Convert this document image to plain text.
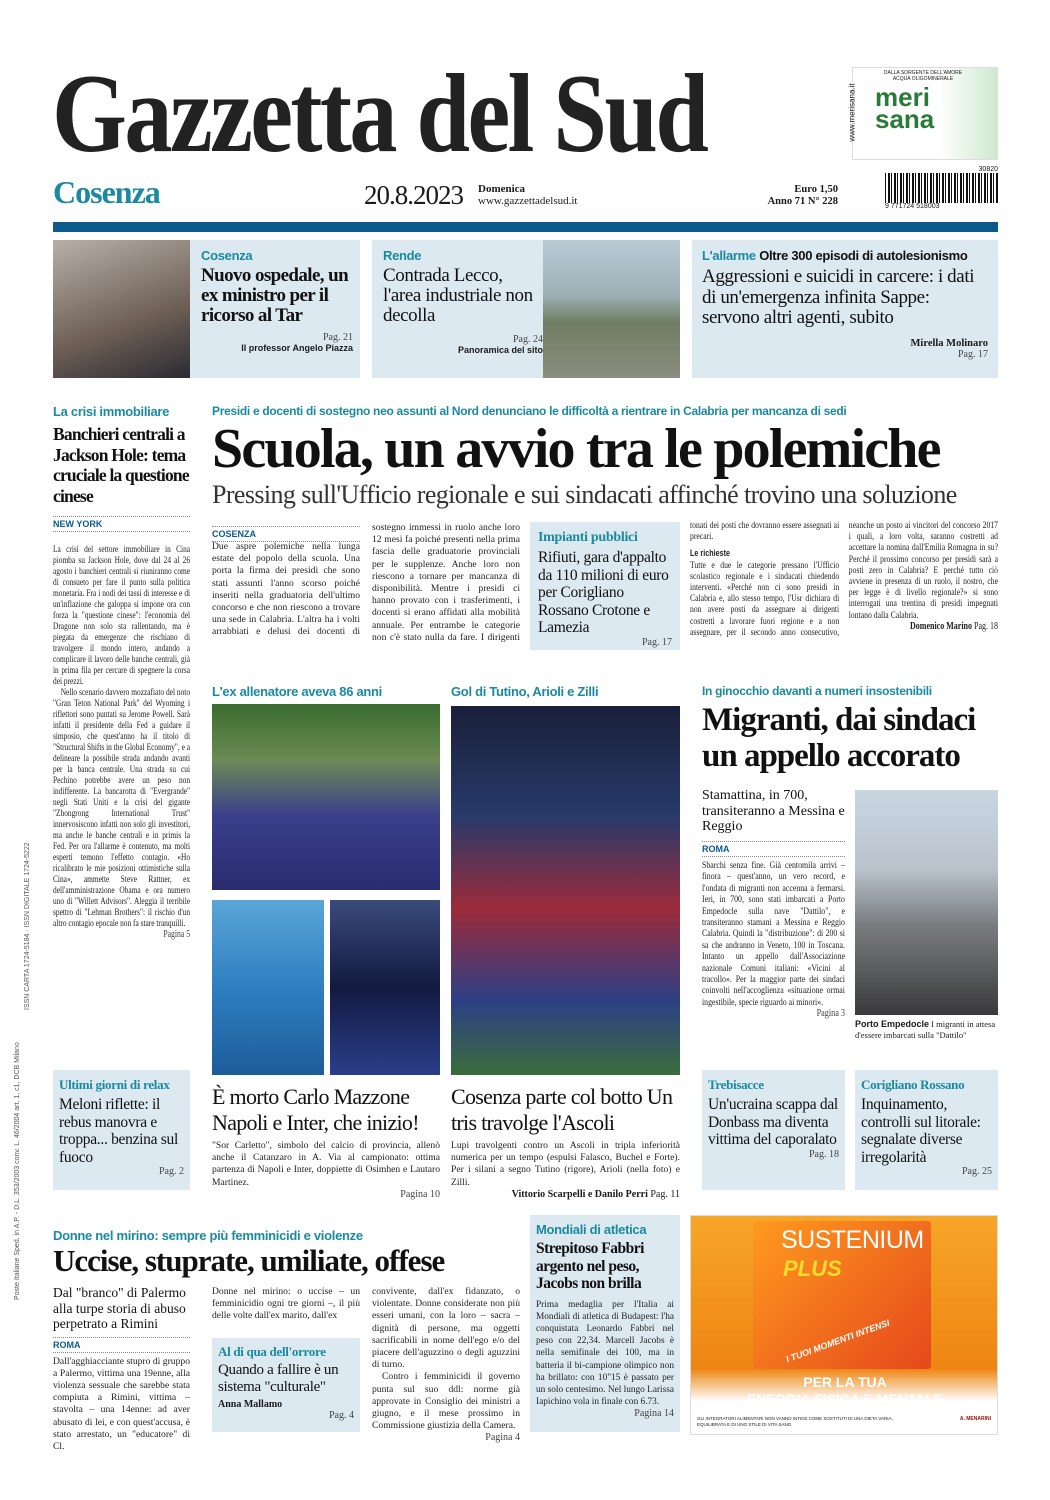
Poste Italiane Sped. in A.P. - D.L. 353/2003 conv. L. 46/2004 art. 1, c1, DCB Milano
ISSN CARTA 1724-5184 · ISSN DIGITALE 1724-5222
Gazzetta del Sud	DALLA SORGENTE DELL'AMORE ACQUA OLIGOMINERALE
merisana
www.merisana.it
Cosenza	20.8.2023 Domenica
www.gazzettadelsud.it
Euro 1,50
Anno 71 N° 228
30820
9 771724 518003
Cosenza
Nuovo ospedale, un ex ministro per il ricorso al Tar
Pag. 21
Il professor Angelo Piazza
Rende
Contrada Lecco, l'area industriale non decolla
Pag. 24
Panoramica del sito
L'allarme Oltre 300 episodi di autolesionismo
Aggressioni e suicidi in carcere: i dati di un'emergenza infinita Sappe: servono altri agenti, subito
Mirella Molinaro
Pag. 17
La crisi immobiliare
Banchieri centrali a Jackson Hole: tema cruciale la questione cinese
NEW YORK

La crisi del settore immobiliare in Cina piomba su Jackson Hole, dove dal 24 al 26 agosto i banchieri centrali si riuniranno come di consueto per fare il punto sulla politica monetaria. Fra i nodi dei tassi di interesse e di un'inflazione che galoppa si impone ora con forza la "questione cinese": l'economia del Dragone non solo sta rallentando, ma è piegata da emergenze che rischiano di travolgere il mondo intero, andando a complicare il lavoro delle banche centrali, già in prima fila per cercare di spegnere la corsa dei prezzi.

Nello scenario davvero mozzafiato del noto "Gran Teton National Park" del Wyoming i riflettori sono puntati su Jerome Powell. Sarà infatti il presidente della Fed a guidare il simposio, che quest'anno ha il titolo di "Structural Shifts in the Global Economy", e a delineare la possibile strada andando avanti per la banca centrale. Una strada su cui Pechino potrebbe avere un peso non indifferente. La bancarotta di "Evergrande" negli Stati Uniti e la crisi del gigante "Zhongrong International Trust" innervosiscono infatti non solo gli investitori, ma anche le banche centrali e in primis la Fed. Per ora l'allarme è contenuto, ma molti esperti temono l'effetto contagio. «Ho ricalibrato le mie posizioni ottimistiche sulla Cina», ammette Steve Rattner, ex dell'amministrazione Obama e ora numero uno di "Willett Advisors". Aleggia il terribile spettro di "Lehman Brothers": il rischio d'un altro contagio epocale non fa stare tranquilli.

Pagina 5
Presidi e docenti di sostegno neo assunti al Nord denunciano le difficoltà a rientrare in Calabria per mancanza di sedi
Scuola, un avvio tra le polemiche
Pressing sull'Ufficio regionale e sui sindacati affinché trovino una soluzione
COSENZA
Due aspre polemiche nella lunga estate del popolo della scuola. Una porta la firma dei presidi che sono stati assunti l'anno scorso poiché inseriti nella graduatoria dell'ultimo concorso e che non riescono a trovare una sede in Calabria. L'altra ha i volti arrabbiati e delusi dei docenti di sostegno immessi in ruolo anche loro 12 mesi fa poiché presenti nella prima fascia delle graduatorie provinciali per le supplenze. Anche loro non riescono a tornare per mancanza di disponibilità. Mentre i presidi ci hanno provato con i trasferimenti, i docenti si erano affidati alla mobilità annuale. Per entrambe le categorie non c'è stato nulla da fare. I dirigenti
Impianti pubblici
Rifiuti, gara d'appalto da 110 milioni di euro per Corigliano Rossano Crotone e Lamezia
Pag. 17

tonati dei posti che dovranno essere assegnati ai precari.

Le richieste

Tutte e due le categorie pressano l'Ufficio scolastico regionale e i sindacati chiedendo interventi. «Perché non ci sono presidi in Calabria e, allo stesso tempo, l'Usr dichiara di non avere posti da assegnare ai dirigenti costretti a lavorare fuori regione e a non assegnare, per il secondo anno consecutivo, neanche un posto ai vincitori del concorso 2017 i quali, a loro volta, saranno costretti ad accettare la nomina dall'Emilia Romagna in su? Perché il prossimo concorso per presidi sarà a posti zero in Calabria? E perché tutto ciò avviene in presenza di un ruolo, il nostro, che per legge è di livello regionale?» si sono interrogati una trentina di presidi impegnati lontano dalla Calabria.

Domenico Marino Pag. 18
L'ex allenatore aveva 86 anni	Gol di Tutino, Arioli e Zilli
È morto Carlo Mazzone Napoli e Inter, che inizio!
"Sor Carletto", simbolo del calcio di provincia, allenò anche il Catanzaro in A. Via al campionato: ottima partenza di Napoli e Inter, doppiette di Osimhen e Lautaro Martinez.
Pagina 10
Cosenza parte col botto Un tris travolge l'Ascoli
Lupi travolgenti contro un Ascoli in tripla inferiorità numerica per un tempo (espulsi Falasco, Buchel e Forte). Per i silani a segno Tutino (rigore), Arioli (nella foto) e Zilli.
Vittorio Scarpelli e Danilo Perri Pag. 11
In ginocchio davanti a numeri insostenibili
Migranti, dai sindaci un appello accorato
Stamattina, in 700, transiteranno a Messina e Reggio
ROMA
Sbarchi senza fine. Già centomila arrivi – finora – quest'anno, un vero record, e l'ondata di migranti non accenna a fermarsi. Ieri, in 700, sono stati imbarcati a Porto Empedocle sulla nave "Dattilo", e transiteranno stamani a Messina e Reggio Calabria. Quindi la "distribuzione": di 200 si sa che andranno in Veneto, 100 in Toscana. Intanto un appello dall'Associazione nazionale Comuni italiani: «Vicini al tracollo». Per la maggior parte dei sindaci coinvolti nell'accoglienza «situazione ormai ingestibile, specie riguardo ai minori».
Pagina 3
Porto Empedocle I migranti in attesa d'essere imbarcati sulla "Dattilo"
Ultimi giorni di relax
Meloni riflette: il rebus manovra e troppa... benzina sul fuoco
Pag. 2
Trebisacce
Un'ucraina scappa dal Donbass ma diventa vittima del caporalato
Pag. 18
Corigliano Rossano
Inquinamento, controlli sul litorale: segnalate diverse irregolarità
Pag. 25
Donne nel mirino: sempre più femminicidi e violenze
Uccise, stuprate, umiliate, offese
Dal "branco" di Palermo alla turpe storia di abuso perpetrato a Rimini
ROMA
Dall'agghiacciante stupro di gruppo a Palermo, vittima una 19enne, alla violenza sessuale che sarebbe stata compiuta a Rimini, vittima – stavolta – una 14enne: ad aver abusato di lei, e con quest'accusa, è stato arrestato, un "educatore" di Cl.
Donne nel mirino: o uccise – un femminicidio ogni tre giorni –, il più delle volte dall'ex marito, dall'ex
Al di qua dell'orrore
Quando a fallire è un sistema "culturale"
Anna Mallamo
Pag. 4

convivente, dall'ex fidanzato, o violentate. Donne considerate non più esseri umani, con la loro – sacra – dignità di persone, ma oggetti sacrificabili in nome dell'ego e/o del piacere dell'aguzzino o degli aguzzini di turno.

Contro i femminicidi il governo punta sul suo ddl: norme già approvate in Consiglio dei ministri a giugno, e il mese prossimo in Commissione giustizia della Camera.

Pagina 4
Mondiali di atletica
Strepitoso Fabbri argento nel peso, Jacobs non brilla
Prima medaglia per l'Italia ai Mondiali di atletica di Budapest: l'ha conquistata Leonardo Fabbri nel peso con 22,34. Marcell Jacobs è nella semifinale dei 100, ma in batteria il bi-campione olimpico non ha brillato: con 10"15 è passato per un solo centesimo. Nel lungo Larissa Iapichino vola in finale con 6.73.
Pagina 14
SUSTENIUM
PLUS
I TUOI MOMENTI INTENSI
PER LA TUA
ENERGIA FISICA E MENTALE
GLI INTEGRATORI ALIMENTARI NON VANNO INTESI COME SOSTITUTI DI UNA DIETA VARIA, EQUILIBRATA E DI UNO STILE DI VITA SANO
A. MENARINI
